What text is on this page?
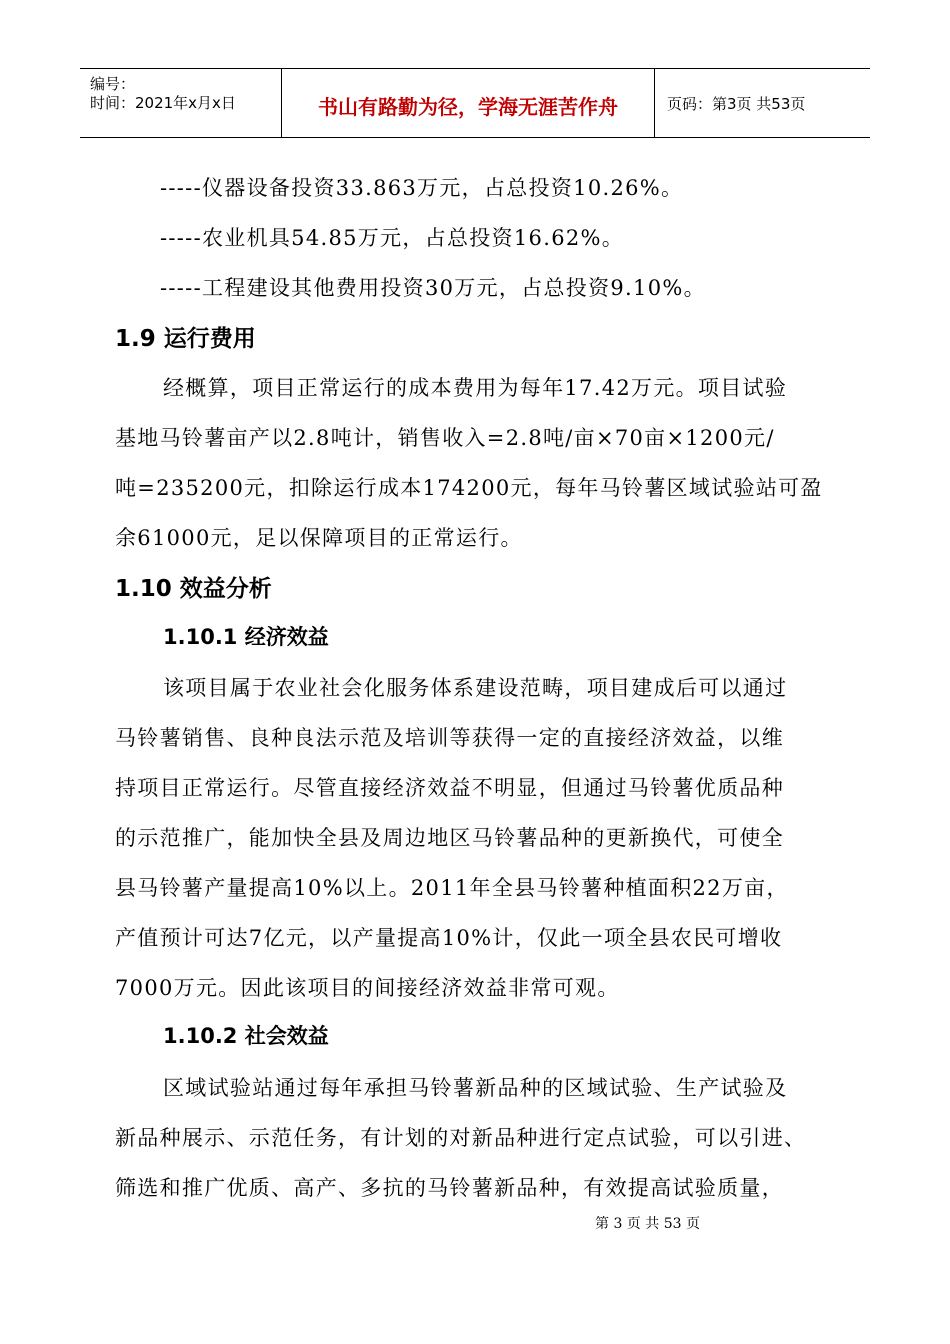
编号：
时间：2021年x月x日	书山有路勤为径，学海无涯苦作舟	页码：第3页 共53页
-----仪器设备投资33.863万元，占总投资10.26%。
-----农业机具54.85万元，占总投资16.62%。
-----工程建设其他费用投资30万元，占总投资9.10%。
1.9 运行费用
经概算，项目正常运行的成本费用为每年17.42万元。项目试验
基地马铃薯亩产以2.8吨计，销售收入=2.8吨/亩×70亩×1200元/
吨=235200元，扣除运行成本174200元，每年马铃薯区域试验站可盈
余61000元，足以保障项目的正常运行。
1.10 效益分析
1.10.1 经济效益
该项目属于农业社会化服务体系建设范畴，项目建成后可以通过
马铃薯销售、良种良法示范及培训等获得一定的直接经济效益，以维
持项目正常运行。尽管直接经济效益不明显，但通过马铃薯优质品种
的示范推广，能加快全县及周边地区马铃薯品种的更新换代，可使全
县马铃薯产量提高10%以上。2011年全县马铃薯种植面积22万亩，
产值预计可达7亿元，以产量提高10%计，仅此一项全县农民可增收
7000万元。因此该项目的间接经济效益非常可观。
1.10.2 社会效益
区域试验站通过每年承担马铃薯新品种的区域试验、生产试验及
新品种展示、示范任务，有计划的对新品种进行定点试验，可以引进、
筛选和推广优质、高产、多抗的马铃薯新品种，有效提高试验质量，
第 3 页 共 53 页
